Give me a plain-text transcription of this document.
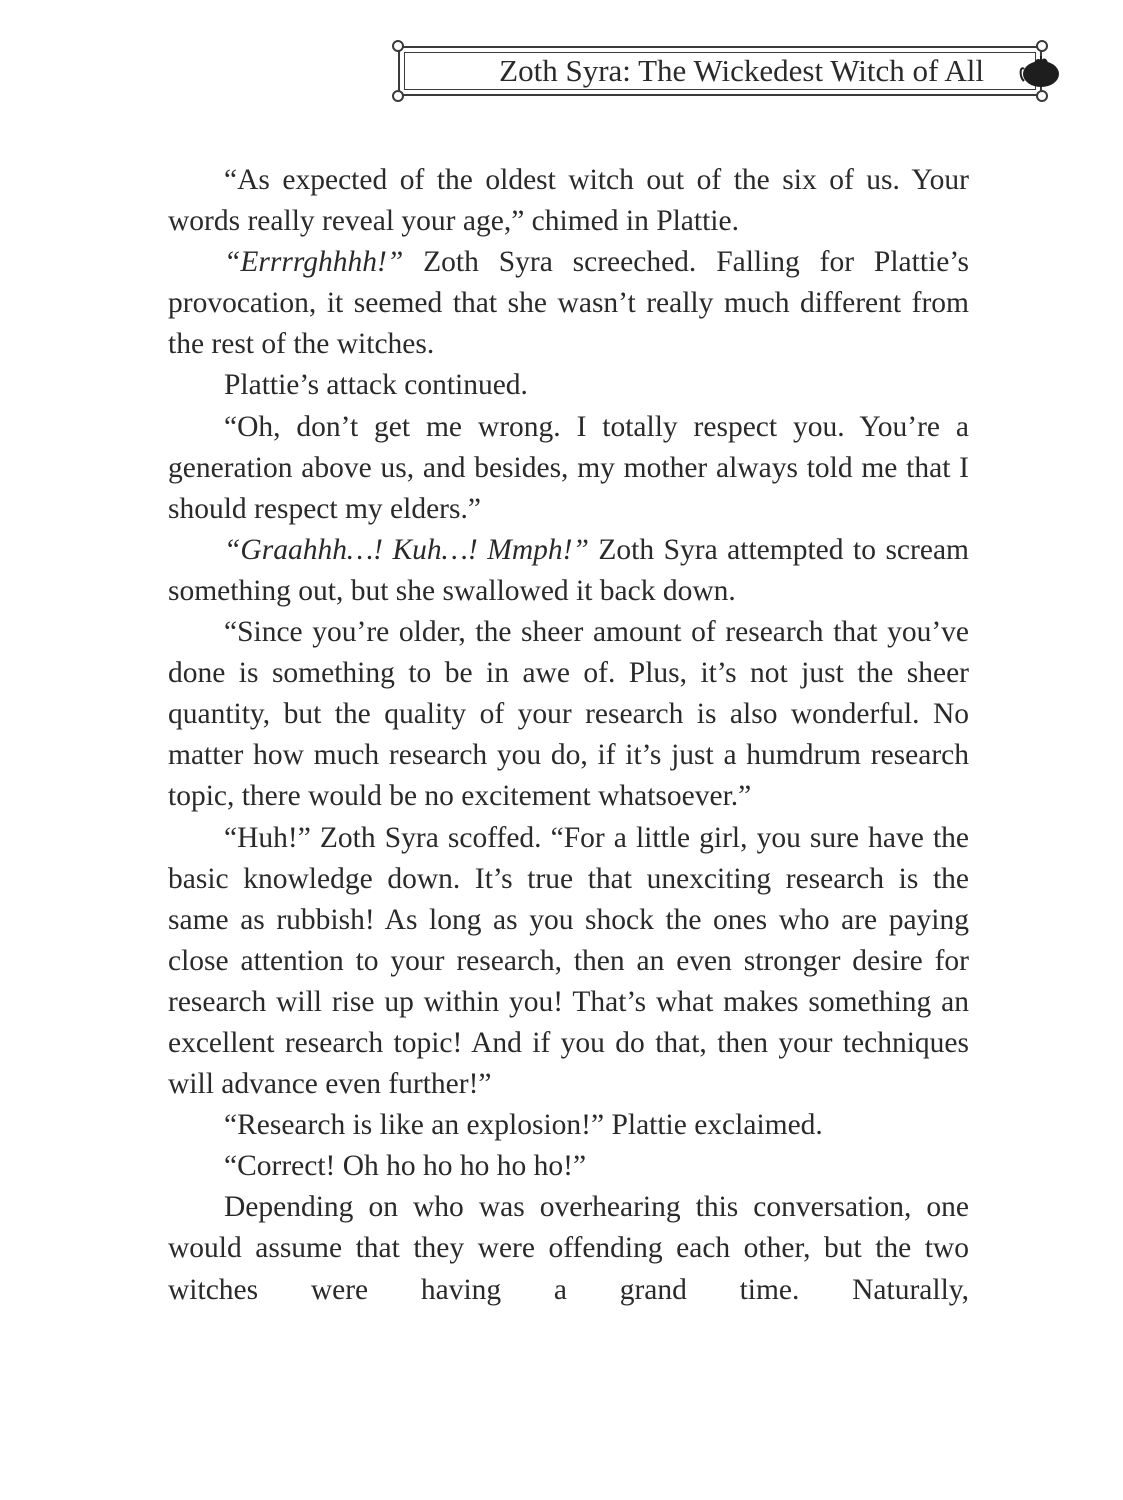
Zoth Syra: The Wickedest Witch of All

“As expected of the oldest witch out of the six of us. Your words really reveal your age,” chimed in Plattie.

“Errrrghhhh!” Zoth Syra screeched. Falling for Plattie’s provocation, it seemed that she wasn’t really much different from the rest of the witches.

Plattie’s attack continued.

“Oh, don’t get me wrong. I totally respect you. You’re a generation above us, and besides, my mother always told me that I should respect my elders.”

“Graahhh…! Kuh…! Mmph!” Zoth Syra attempted to scream something out, but she swallowed it back down.

“Since you’re older, the sheer amount of research that you’ve done is something to be in awe of. Plus, it’s not just the sheer quantity, but the quality of your research is also wonderful. No matter how much research you do, if it’s just a humdrum research topic, there would be no excitement whatsoever.”

“Huh!” Zoth Syra scoffed. “For a little girl, you sure have the basic knowledge down. It’s true that unexciting research is the same as rubbish! As long as you shock the ones who are paying close attention to your research, then an even stronger desire for research will rise up within you! That’s what makes something an excellent research topic! And if you do that, then your techniques will advance even further!”

“Research is like an explosion!” Plattie exclaimed.

“Correct! Oh ho ho ho ho ho!”

Depending on who was overhearing this conversation, one would assume that they were offending each other, but the two witches were having a grand time. Naturally,
